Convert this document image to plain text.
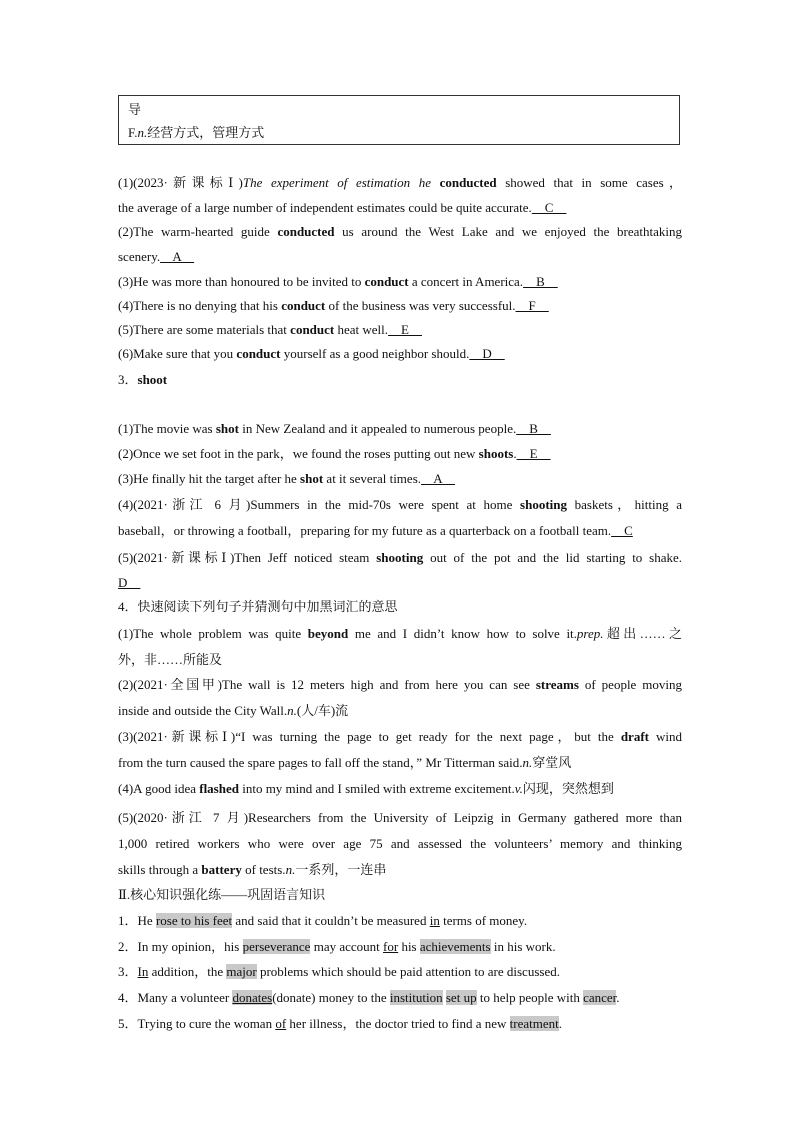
导
F.n.经营方式，管理方式
(1)(2023·新课标Ⅰ)The experiment of estimation he conducted showed that in some cases，
the average of a large number of independent estimates could be quite accurate.    C
(2)The warm-hearted guide conducted us around the West Lake and we enjoyed the breathtaking
scenery.    A
(3)He was more than honoured to be invited to conduct a concert in America.    B
(4)There is no denying that his conduct of the business was very successful.    F
(5)There are some materials that conduct heat well.    E
(6)Make sure that you conduct yourself as a good neighbor should.    D
3．shoot
(1)The movie was shot in New Zealand and it appealed to numerous people.    B
(2)Once we set foot in the park，we found the roses putting out new shoots.    E
(3)He finally hit the target after he shot at it several times.    A
(4)(2021·浙江 6 月)Summers in the mid-70s were spent at home shooting baskets，hitting a
baseball，or throwing a football，preparing for my future as a quarterback on a football team.    C
(5)(2021·新课标Ⅰ)Then Jeff noticed steam shooting out of the pot and the lid starting to shake.
D
4．快速阅读下列句子并猜测句中加黑词汇的意思
(1)The whole problem was quite beyond me and I didn’t know how to solve it.prep.超出……之
外，非……所能及
(2)(2021·全国甲)The wall is 12 meters high and from here you can see streams of people moving
inside and outside the City Wall.n.(人/车)流
(3)(2021·新课标Ⅰ)“I was turning the page to get ready for the next page，but the draft wind
from the turn caused the spare pages to fall off the stand，” Mr Titterman said.n.穿堂风
(4)A good idea flashed into my mind and I smiled with extreme excitement.v.闪现，突然想到
(5)(2020·浙江 7 月)Researchers from the University of Leipzig in Germany gathered more than
1,000 retired workers who were over age 75 and assessed the volunteers’ memory and thinking
skills through a battery of tests.n.一系列，一连串
Ⅱ.核心知识强化练——巩固语言知识
1．He rose to his feet and said that it couldn’t be measured in terms of money.
2．In my opinion，his perseverance may account for his achievements in his work.
3．In addition，the major problems which should be paid attention to are discussed.
4．Many a volunteer donates(donate) money to the institution set up to help people with cancer.
5．Trying to cure the woman of her illness，the doctor tried to find a new treatment.
